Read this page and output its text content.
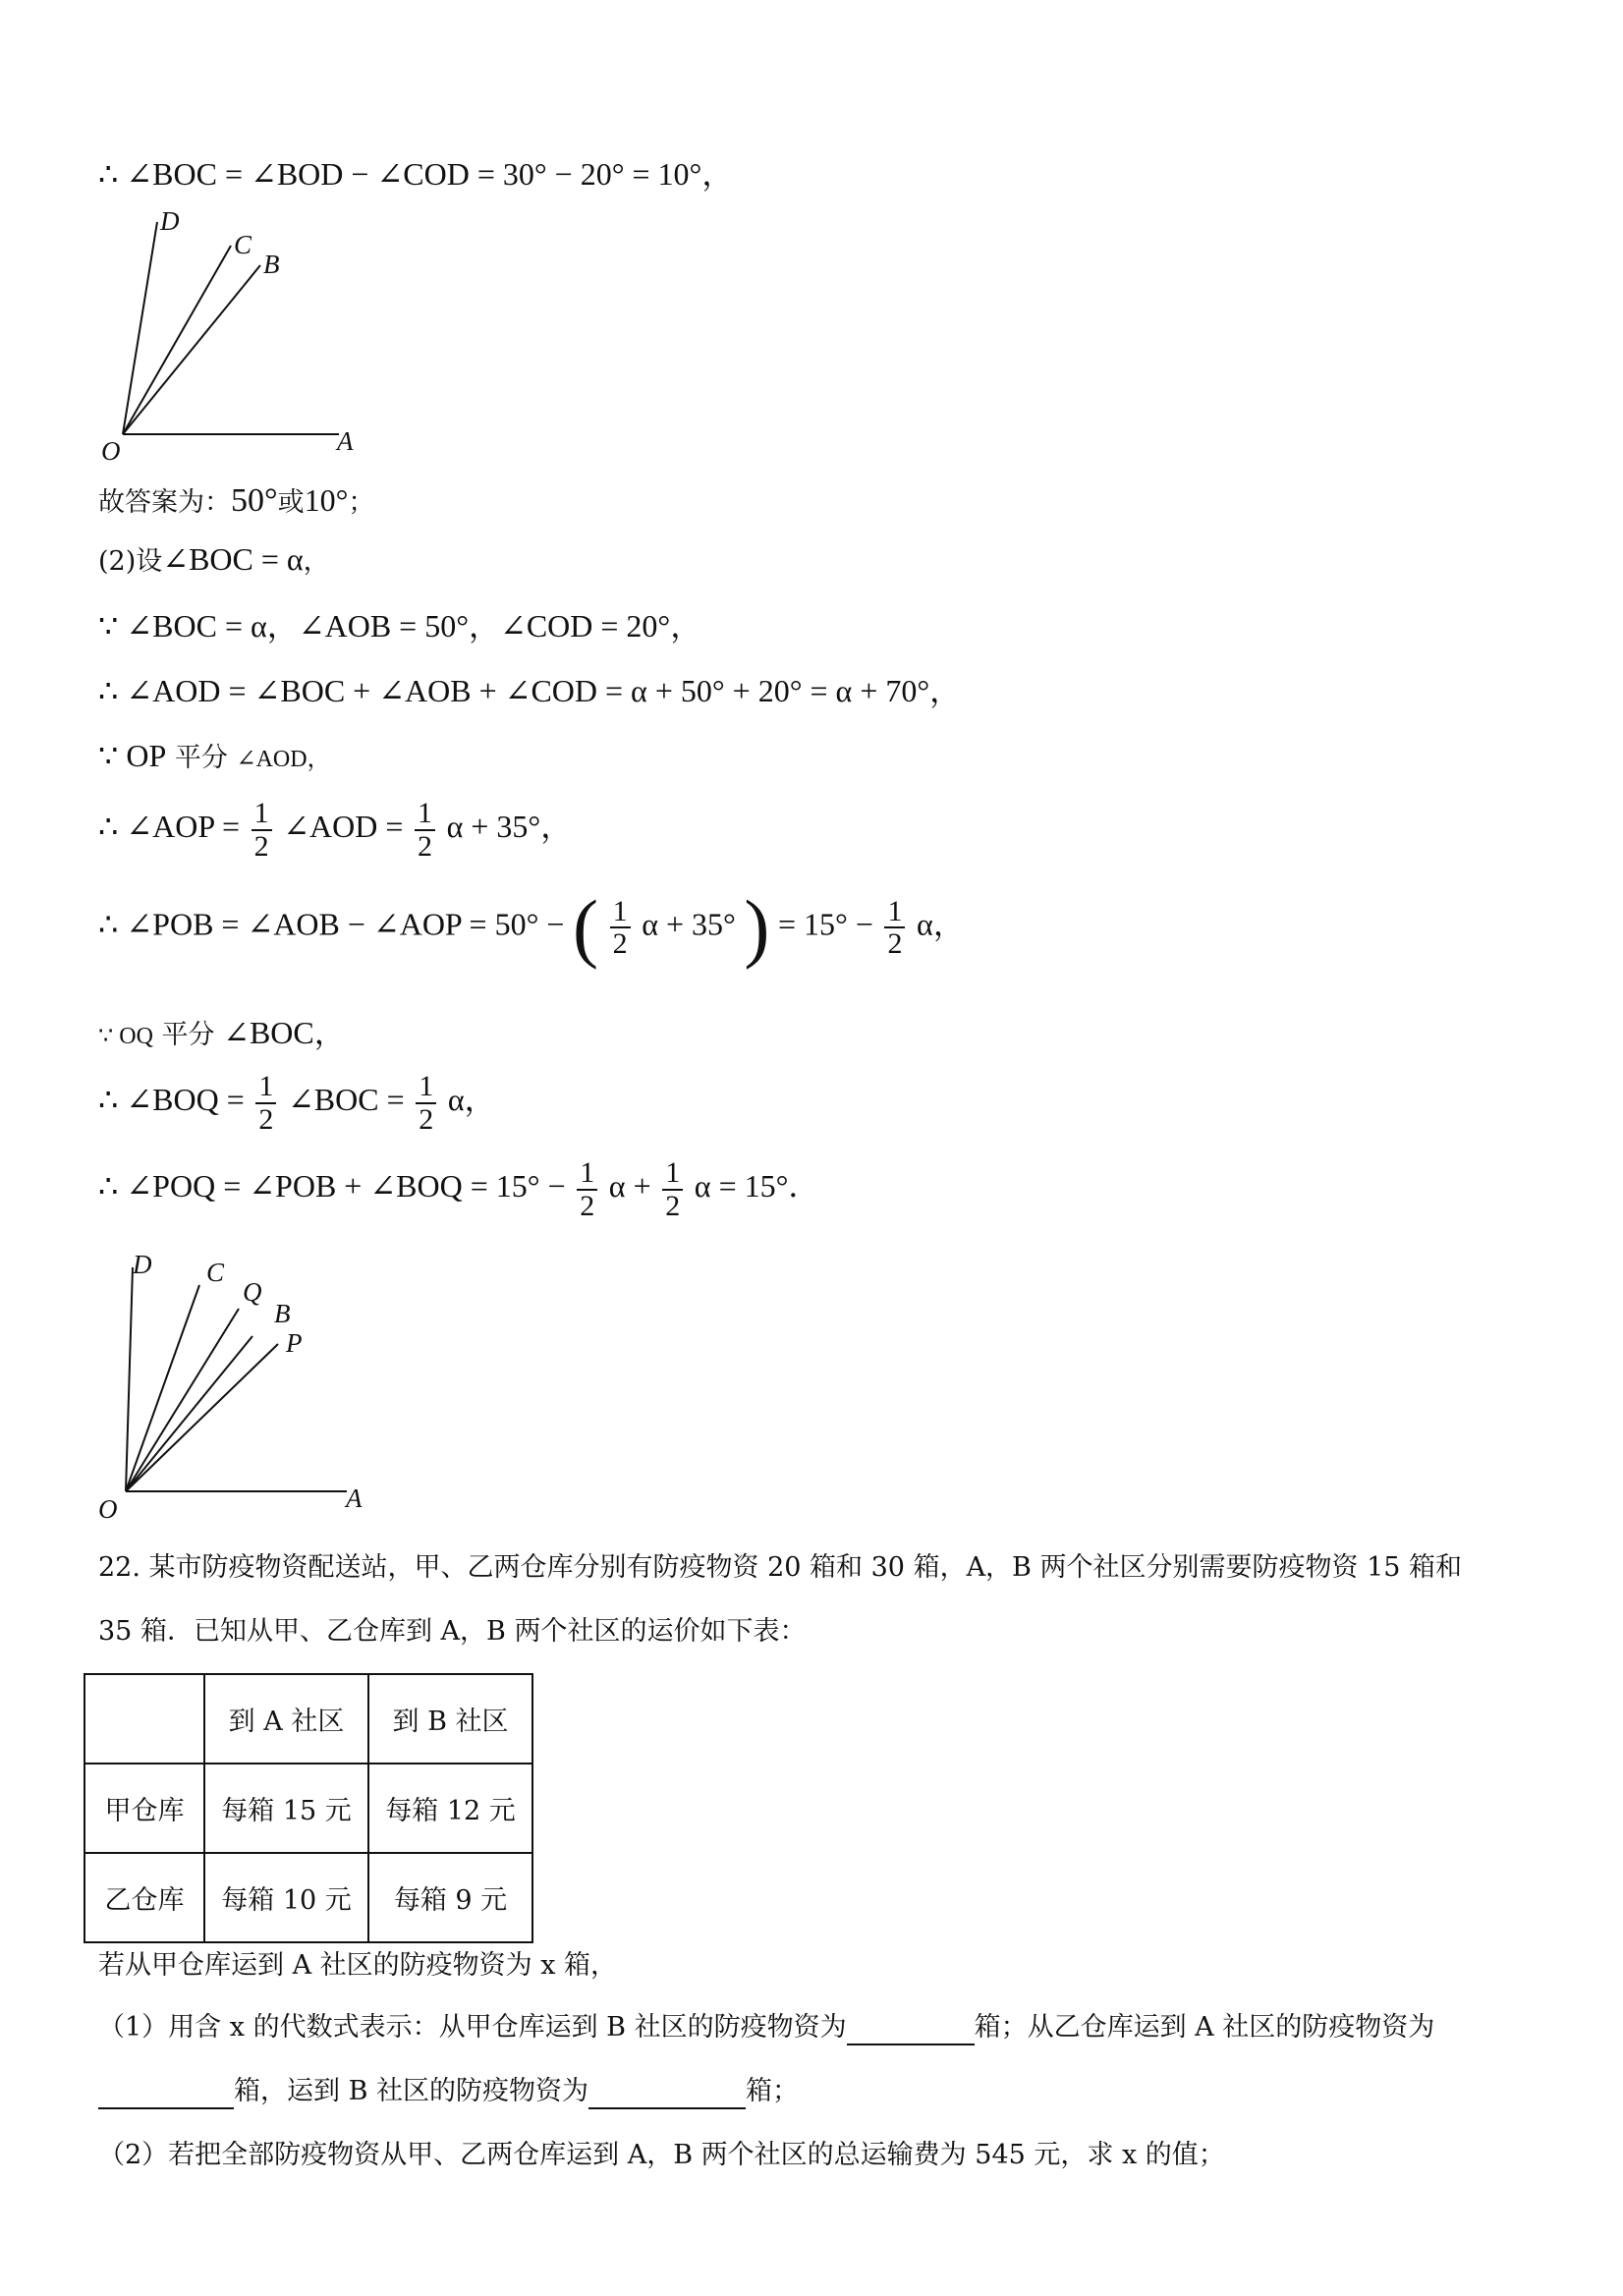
∴ ∠BOC = ∠BOD − ∠COD = 30° − 20° = 10°，
D
C
B
O	A
故答案为：50°或10°；
(2)设∠BOC = α，
∵ ∠BOC = α，∠AOB = 50°，∠COD = 20°，
∴ ∠AOD = ∠BOC + ∠AOB + ∠COD = α + 50° + 20° = α + 70°，
∵ OP 平分 ∠AOD，
∴ ∠AOP = $\frac{1}{2}$ ∠AOD = $\frac{1}{2}$ α + 35°，
∴ ∠POB = ∠AOB − ∠AOP = 50° − ( $\frac{1}{2}$ α + 35° ) = $15^\circ - \frac{1}{2}$ α，
∵ OQ 平分 ∠BOC，
∴ ∠BOQ = $\frac{1}{2}$ ∠BOC = $\frac{1}{2}$ α，
∴ ∠POQ = ∠POB + ∠BOQ = $15^\circ - \frac{1}{2}$ $\alpha + \frac{1}{2}$ α = 15°．
D C
Q
B
P
O	A
22. 某市防疫物资配送站，甲、乙两仓库分别有防疫物资 20 箱和 30 箱，A，B 两个社区分别需要防疫物资 15 箱和
35 箱．已知从甲、乙仓库到 A，B 两个社区的运价如下表：
	到 A 社区	到 B 社区
甲仓库	每箱 15 元	每箱 12 元
乙仓库	每箱 10 元	每箱 9 元
若从甲仓库运到 A 社区的防疫物资为 x 箱，
（1）用含 x 的代数式表示：从甲仓库运到 B 社区的防疫物资为	箱；从乙仓库运到 A 社区的防疫物资为
箱，运到 B 社区的防疫物资为	箱；
（2）若把全部防疫物资从甲、乙两仓库运到 A，B 两个社区的总运输费为 545 元，求 x 的值；
